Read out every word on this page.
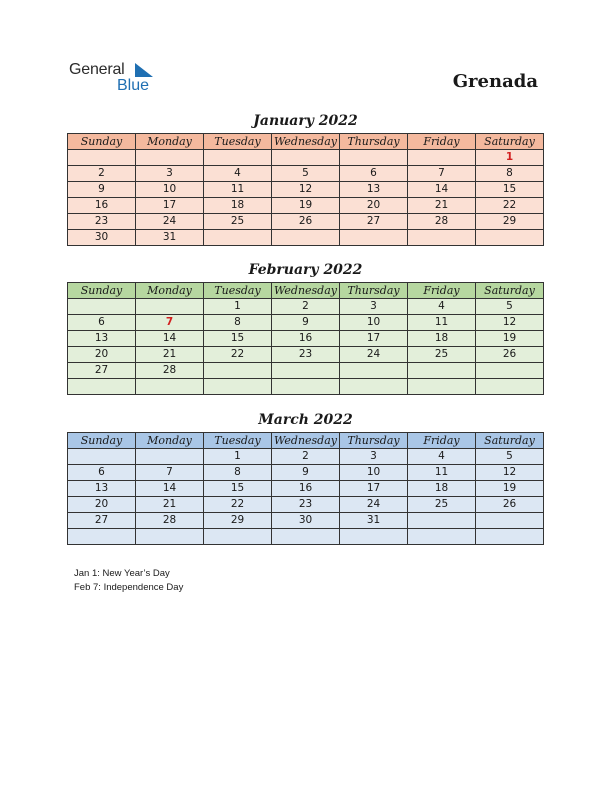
General
Blue	Grenada
January 2022
Sunday	Monday	Tuesday	Wednesday	Thursday	Friday	Saturday
						1
2	3	4	5	6	7	8
9	10	11	12	13	14	15
16	17	18	19	20	21	22
23	24	25	26	27	28	29
30	31					
February 2022
Sunday	Monday	Tuesday	Wednesday	Thursday	Friday	Saturday
		1	2	3	4	5
6	7	8	9	10	11	12
13	14	15	16	17	18	19
20	21	22	23	24	25	26
27	28					

March 2022
Sunday	Monday	Tuesday	Wednesday	Thursday	Friday	Saturday
		1	2	3	4	5
6	7	8	9	10	11	12
13	14	15	16	17	18	19
20	21	22	23	24	25	26
27	28	29	30	31		

Jan 1: New Year’s Day
Feb 7: Independence Day
